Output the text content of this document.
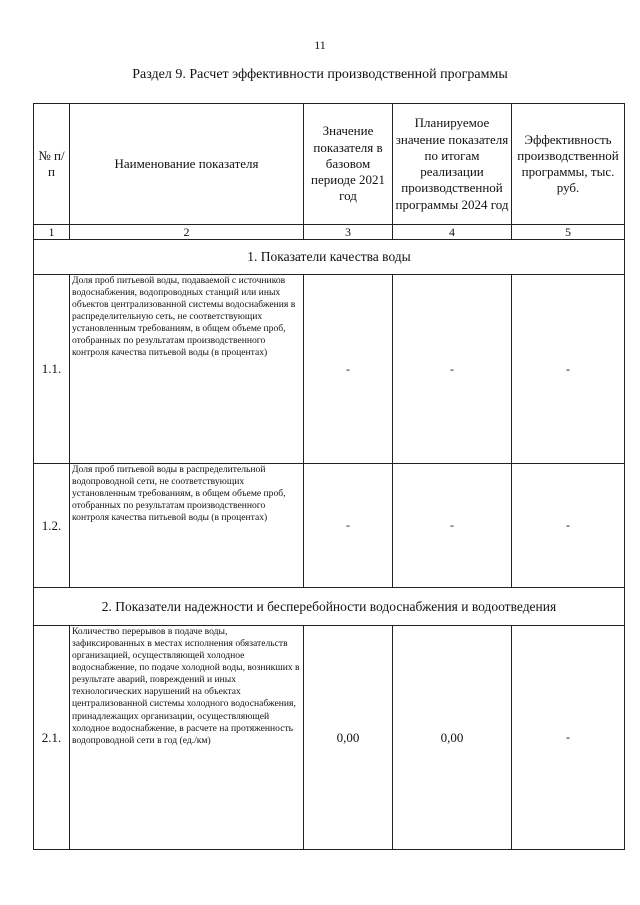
11
Раздел 9. Расчет эффективности производственной программы
№ п/п	Наименование показателя	Значение показателя в базовом периоде 2021 год	Планируемое значение показателя по итогам реализации производственной программы 2024 год	Эффективность производственной программы, тыс. руб.
1	2	3	4	5
1. Показатели качества воды				
1.1.	Доля проб питьевой воды, подаваемой с источников водоснабжения, водопроводных станций или иных объектов централизованной системы водоснабжения в распределительную сеть, не соответствующих установленным требованиям, в общем объеме проб, отобранных по результатам производственного контроля качества питьевой воды (в процентах)	-	-	-
1.2.	Доля проб питьевой воды в распределительной водопроводной сети, не соответствующих установленным требованиям, в общем объеме проб, отобранных по результатам производственного контроля качества питьевой воды (в процентах)	-	-	-
2. Показатели надежности и бесперебойности водоснабжения и водоотведения				
2.1.	Количество перерывов в подаче воды, зафиксированных в местах исполнения обязательств организацией, осуществляющей холодное водоснабжение, по подаче холодной воды, возникших в результате аварий, повреждений и иных технологических нарушений на объектах централизованной системы холодного водоснабжения, принадлежащих организации, осуществляющей холодное водоснабжение, в расчете на протяженность водопроводной сети в год (ед./км)	0,00	0,00	-
